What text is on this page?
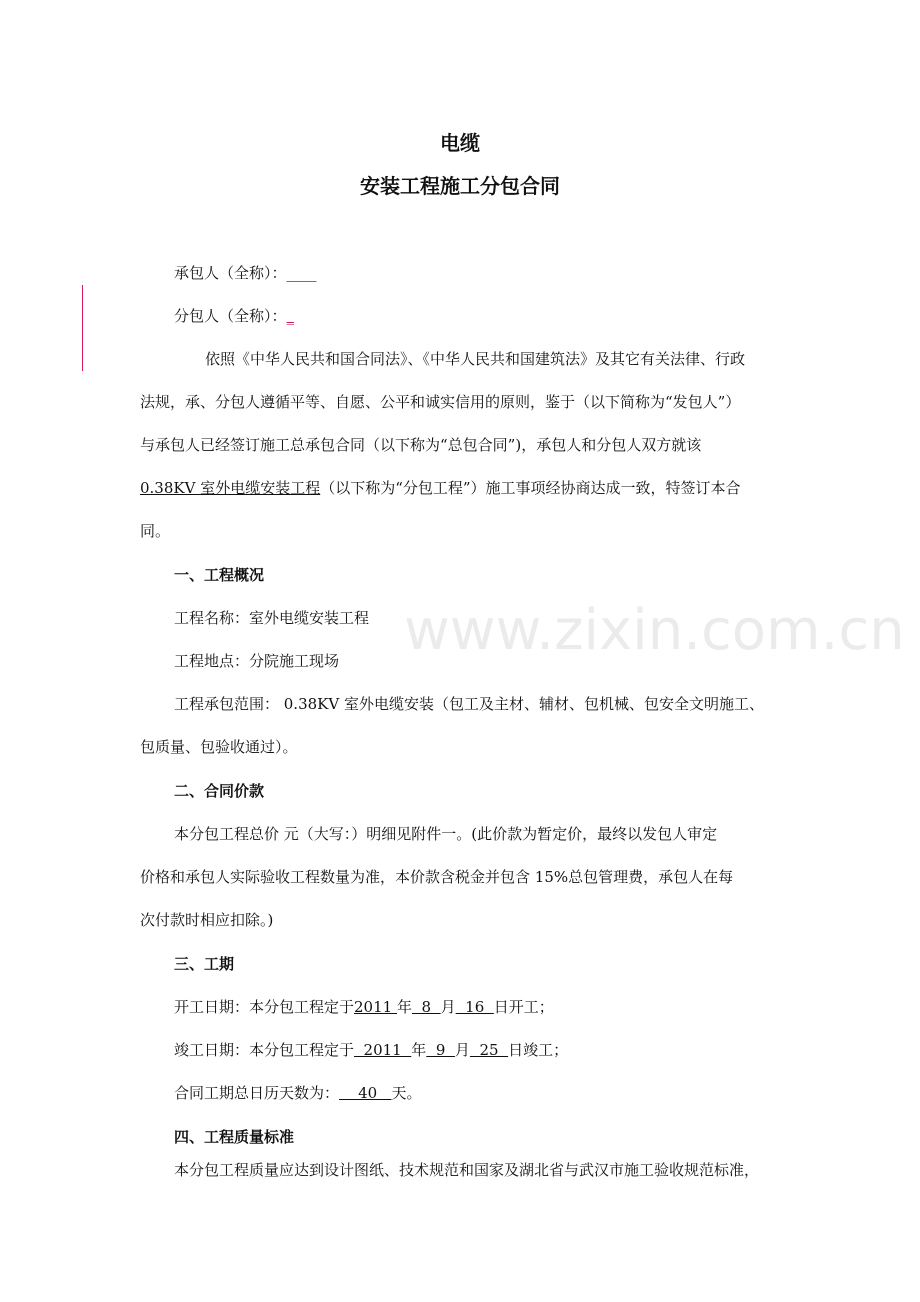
www.zixin.com.cn
电缆
安装工程施工分包合同
承包人（全称）：____
分包人（全称）：_
依照《中华人民共和国合同法》、《中华人民共和国建筑法》及其它有关法律、行政
法规，承、分包人遵循平等、自愿、公平和诚实信用的原则，鉴于（以下简称为“发包人”）
与承包人已经签订施工总承包合同（以下称为“总包合同”)，承包人和分包人双方就该
0.38KV 室外电缆安装工程（以下称为“分包工程”）施工事项经协商达成一致，特签订本合
同。
一、工程概况
工程名称：室外电缆安装工程
工程地点：分院施工现场
工程承包范围： 0.38KV 室外电缆安装（包工及主材、辅材、包机械、包安全文明施工、
包质量、包验收通过）。
二、合同价款
本分包工程总价 元（大写：）明细见附件一。(此价款为暂定价，最终以发包人审定
价格和承包人实际验收工程数量为准，本价款含税金并包含 15%总包管理费，承包人在每
次付款时相应扣除。)
三、工期
开工日期：本分包工程定于2011 年  8  月  16  日开工；
竣工日期：本分包工程定于  2011  年  9  月  25  日竣工；
合同工期总日历天数为：    40   天。
四、工程质量标准
本分包工程质量应达到设计图纸、技术规范和国家及湖北省与武汉市施工验收规范标准，
